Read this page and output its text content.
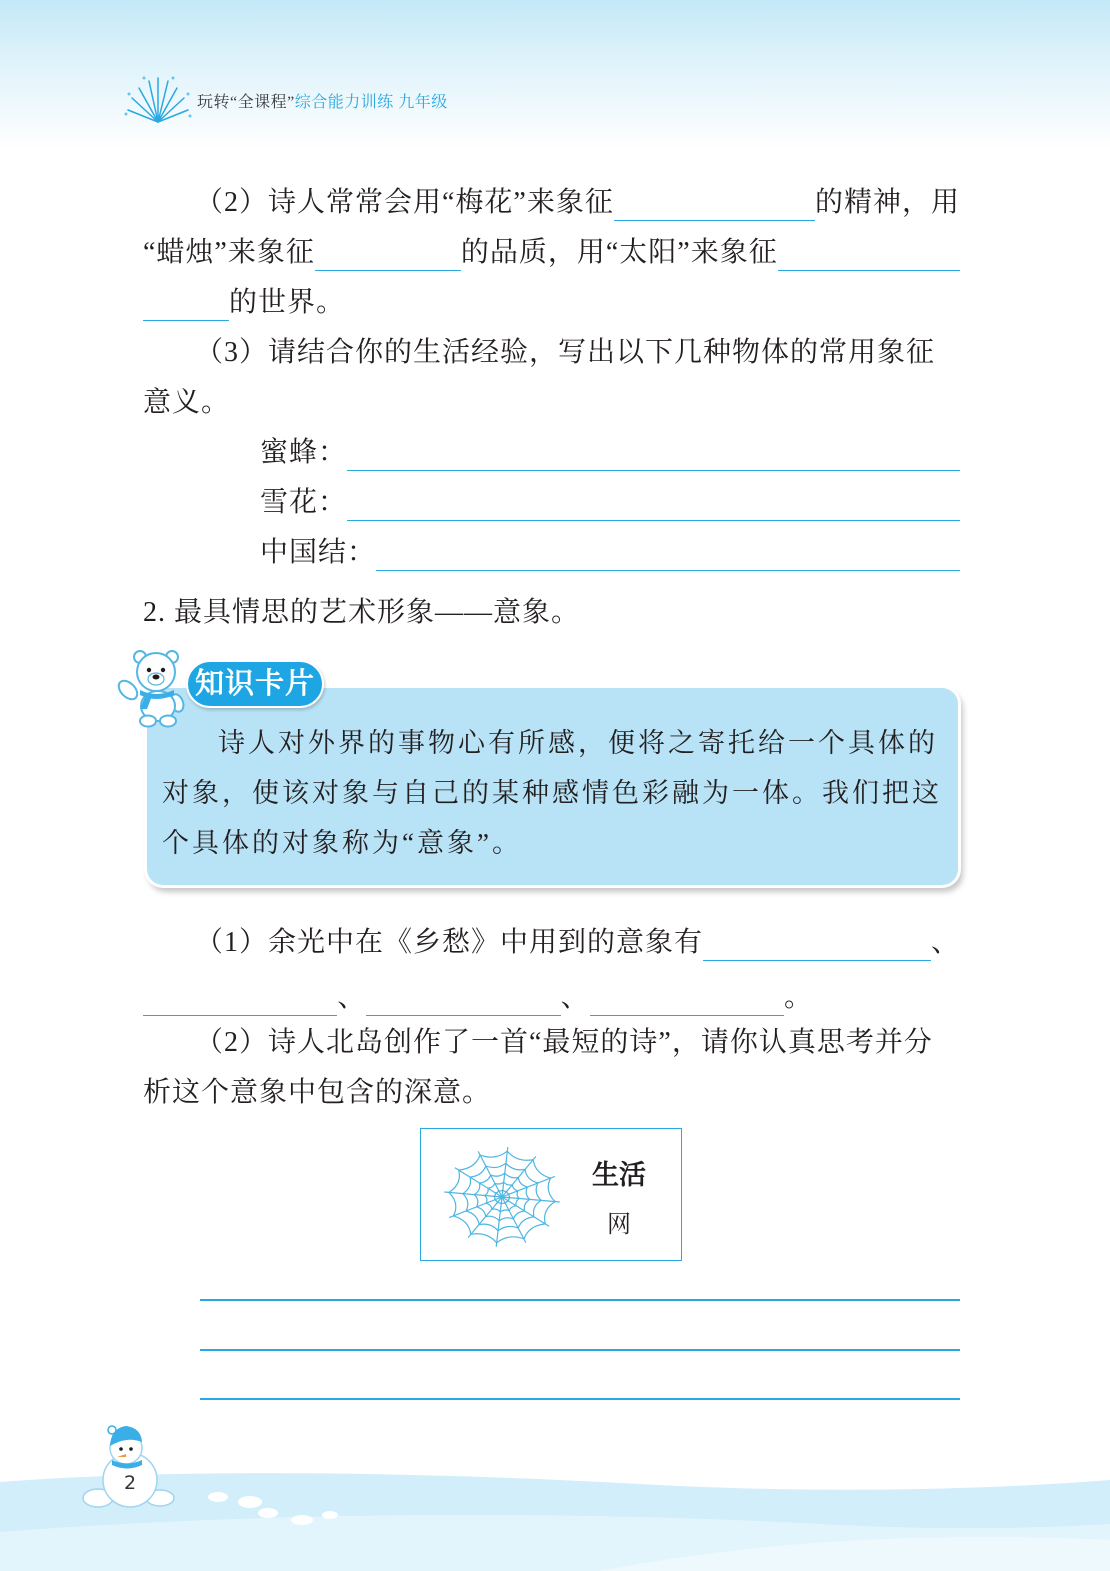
玩转“全课程”综合能力训练 九年级
（2）诗人常常会用“梅花”来象征	的精神，用
“蜡烛”来象征	的品质，用“太阳”来象征
的世界。
（3）请结合你的生活经验，写出以下几种物体的常用象征
意义。
蜜蜂：
雪花：
中国结：
2. 最具情思的艺术形象——意象。
诗人对外界的事物心有所感，便将之寄托给一个具体的
对象，使该对象与自己的某种感情色彩融为一体。我们把这
个具体的对象称为“意象”。
知识卡片
（1）余光中在《乡愁》中用到的意象有	、
、	、	。
（2）诗人北岛创作了一首“最短的诗”，请你认真思考并分
析这个意象中包含的深意。
生活
网
2
